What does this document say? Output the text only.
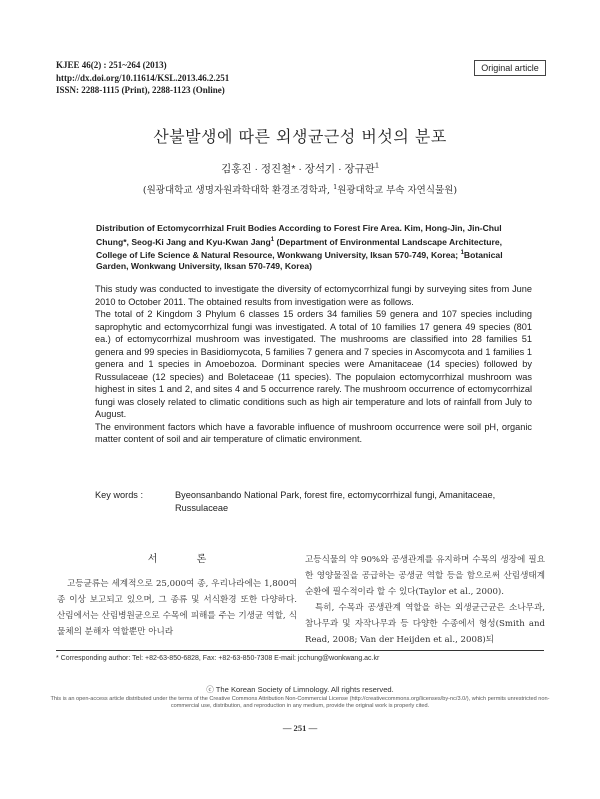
KJEE 46(2) : 251~264 (2013)
http://dx.doi.org/10.11614/KSL.2013.46.2.251
ISSN: 2288-1115 (Print), 2288-1123 (Online)
Original article
산불발생에 따른 외생균근성 버섯의 분포
김홍진 · 정진철* · 장석기 · 장규관$^1$
(원광대학교 생명자원과학대학 환경조경학과, $^1$원광대학교 부속 자연식물원)
Distribution of Ectomycorrhizal Fruit Bodies According to Forest Fire Area. Kim, Hong-Jin, Jin-Chul Chung*, Seog-Ki Jang and Kyu-Kwan Jang$^1$ (Department of Environmental Landscape Architecture, College of Life Science & Natural Resource, Wonkwang University, Iksan 570-749, Korea; $^1$Botanical Garden, Wonkwang University, Iksan 570-749, Korea)

This study was conducted to investigate the diversity of ectomycorrhizal fungi by surveying sites from June 2010 to October 2011. The obtained results from investigation were as follows.

The total of 2 Kingdom 3 Phylum 6 classes 15 orders 34 families 59 genera and 107 species including saprophytic and ectomycorrhizal fungi was investigated. A total of 10 families 17 genera 49 species (801 ea.) of ectomycorrhizal mushroom was investigated. The mushrooms are classified into 28 families 51 genera and 99 species in Basidiomycota, 5 families 7 genera and 7 species in Ascomycota and 1 families 1 genera and 1 species in Amoebozoa. Dorminant species were Amanitaceae (14 species) followed by Russulaceae (12 species) and Boletaceae (11 species). The populaion ectomycorrhizal mushroom was highest in sites 1 and 2, and sites 4 and 5 occurrence rarely. The mushroom occurrence of ectomycorrhizal fungi was closely related to climatic conditions such as high air temperature and lots of rainfall from July to August.

The environment factors which have a favorable influence of mushroom occurrence were soil pH, organic matter content of soil and air temperature of climatic environment.

Key words :	Byeonsanbando National Park, forest fire, ectomycorrhizal fungi, Amanitaceae, Russulaceae
서 론

고등균류는 세계적으로 25,000여 종, 우리나라에는 1,800여 종 이상 보고되고 있으며, 그 종류 및 서식환경 또한 다양하다. 산림에서는 산림병원균으로 수목에 피해를 주는 기생균 역할, 식물체의 분해자 역할뿐만 아니라

고등식물의 약 90%와 공생관계를 유지하며 수목의 생장에 필요한 영양물질을 공급하는 공생균 역할 등을 함으로써 산림생태계 순환에 필수적이라 할 수 있다(Taylor et al., 2000).

특히, 수목과 공생관계 역할을 하는 외생균근균은 소나무과, 참나무과 및 자작나무과 등 다양한 수종에서 형성(Smith and Read, 2008; Van der Heijden et al., 2008)되

* Corresponding author: Tel: +82-63-850-6828, Fax: +82-63-850-7308 E-mail: jcchung@wonkwang.ac.kr
ⓒ The Korean Society of Limnology. All rights reserved.
This is an open-access article distributed under the terms of the Creative Commons Attribution Non-Commercial License (http://creativecommons.org/licenses/by-nc/3.0/), which permits unrestricted non-commercial use, distribution, and reproduction in any medium, provide the original work is properly cited.
— 251 —
